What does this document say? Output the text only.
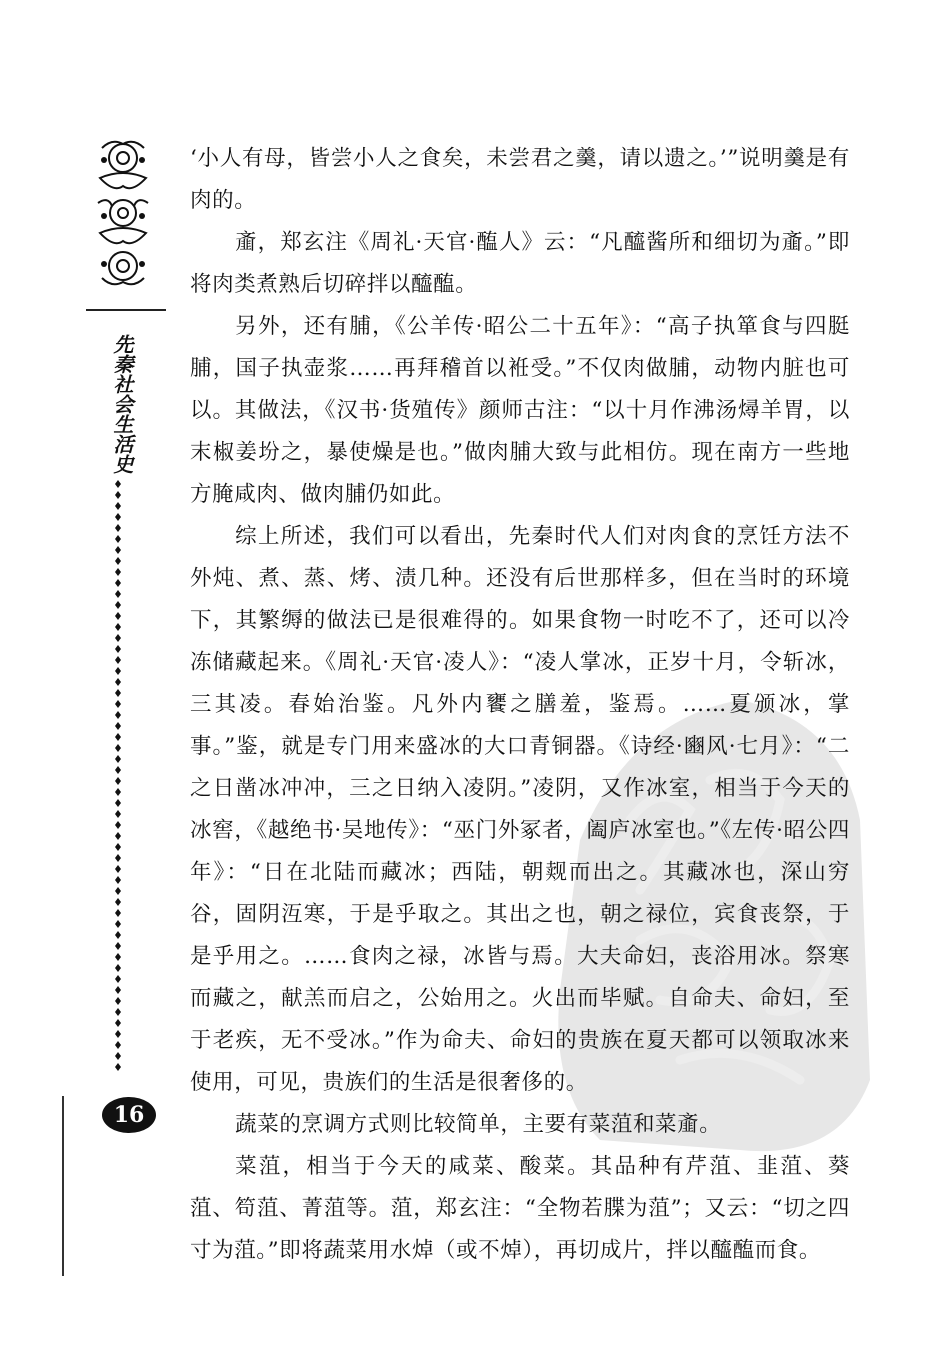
先秦社会生活史
16

‘小人有母，皆尝小人之食矣，未尝君之羹，请以遗之。’”说明羹是有肉的。

齑，郑玄注《周礼·天官·醢人》云：“凡醯酱所和细切为齑。”即将肉类煮熟后切碎拌以醯醢。

另外，还有脯，《公羊传·昭公二十五年》：“高子执箪食与四脡脯，国子执壶浆……再拜稽首以袵受。”不仅肉做脯，动物内脏也可以。其做法，《汉书·货殖传》颜师古注：“以十月作沸汤燖羊胃，以末椒姜坋之，暴使燥是也。”做肉脯大致与此相仿。现在南方一些地方腌咸肉、做肉脯仍如此。

综上所述，我们可以看出，先秦时代人们对肉食的烹饪方法不外炖、煮、蒸、烤、渍几种。还没有后世那样多，但在当时的环境下，其繁缛的做法已是很难得的。如果食物一时吃不了，还可以冷冻储藏起来。《周礼·天官·凌人》：“凌人掌冰，正岁十月，令斩冰，三其凌。春始治鉴。凡外内饔之膳羞，鉴焉。……夏颁冰，掌事。”鉴，就是专门用来盛冰的大口青铜器。《诗经·豳风·七月》：“二之日凿冰冲冲，三之日纳入凌阴。”凌阴，又作冰室，相当于今天的冰窖，《越绝书·吴地传》：“巫门外冢者，阖庐冰室也。”《左传·昭公四年》：“日在北陆而藏冰；西陆，朝觌而出之。其藏冰也，深山穷谷，固阴沍寒，于是乎取之。其出之也，朝之禄位，宾食丧祭，于是乎用之。……食肉之禄，冰皆与焉。大夫命妇，丧浴用冰。祭寒而藏之，献羔而启之，公始用之。火出而毕赋。自命夫、命妇，至于老疾，无不受冰。”作为命夫、命妇的贵族在夏天都可以领取冰来使用，可见，贵族们的生活是很奢侈的。

蔬菜的烹调方式则比较简单，主要有菜菹和菜齑。

菜菹，相当于今天的咸菜、酸菜。其品种有芹菹、韭菹、葵菹、笱菹、菁菹等。菹，郑玄注：“全物若䐑为菹”；又云：“切之四寸为菹。”即将蔬菜用水焯（或不焯），再切成片，拌以醯醢而食。
